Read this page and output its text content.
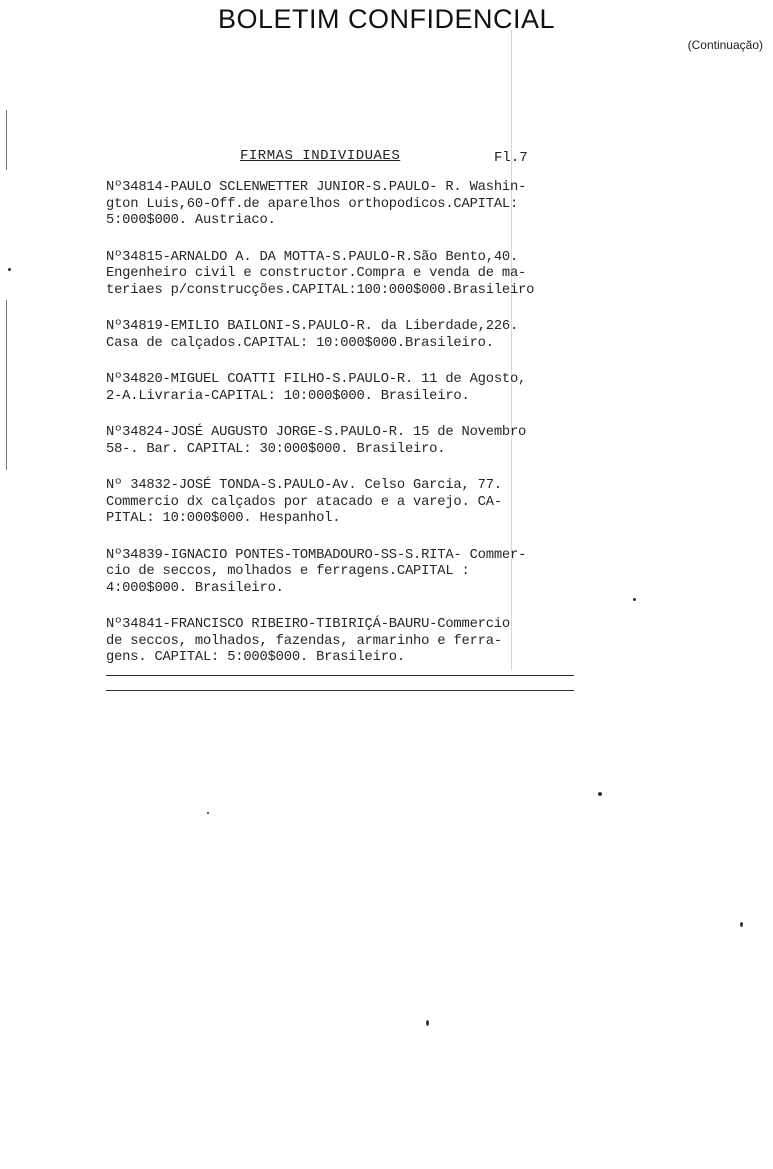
BOLETIM CONFIDENCIAL
(Continuação)
FIRMAS INDIVIDUAES	Fl.7
Nº34814-PAULO SCLENWETTER JUNIOR-S.PAULO- R. Washin-
gton Luis,60-Off.de aparelhos orthopodicos.CAPITAL:
5:000$000. Austriaco.
Nº34815-ARNALDO A. DA MOTTA-S.PAULO-R.São Bento,40.
Engenheiro civil e constructor.Compra e venda de ma-
teriaes p/construcções.CAPITAL:100:000$000.Brasileiro
Nº34819-EMILIO BAILONI-S.PAULO-R. da Liberdade,226.
Casa de calçados.CAPITAL: 10:000$000.Brasileiro.
Nº34820-MIGUEL COATTI FILHO-S.PAULO-R. 11 de Agosto,
2-A.Livraria-CAPITAL: 10:000$000. Brasileiro.
Nº34824-JOSÉ AUGUSTO JORGE-S.PAULO-R. 15 de Novembro
58-. Bar. CAPITAL: 30:000$000. Brasileiro.
Nº 34832-JOSÉ TONDA-S.PAULO-Av. Celso Garcia, 77.
Commercio dx calçados por atacado e a varejo. CA-
PITAL: 10:000$000. Hespanhol.
Nº34839-IGNACIO PONTES-TOMBADOURO-SS-S.RITA- Commer-
cio de seccos, molhados e ferragens.CAPITAL :
4:000$000. Brasileiro.
Nº34841-FRANCISCO RIBEIRO-TIBIRIÇÁ-BAURU-Commercio
de seccos, molhados, fazendas, armarinho e ferra-
gens. CAPITAL: 5:000$000. Brasileiro.
